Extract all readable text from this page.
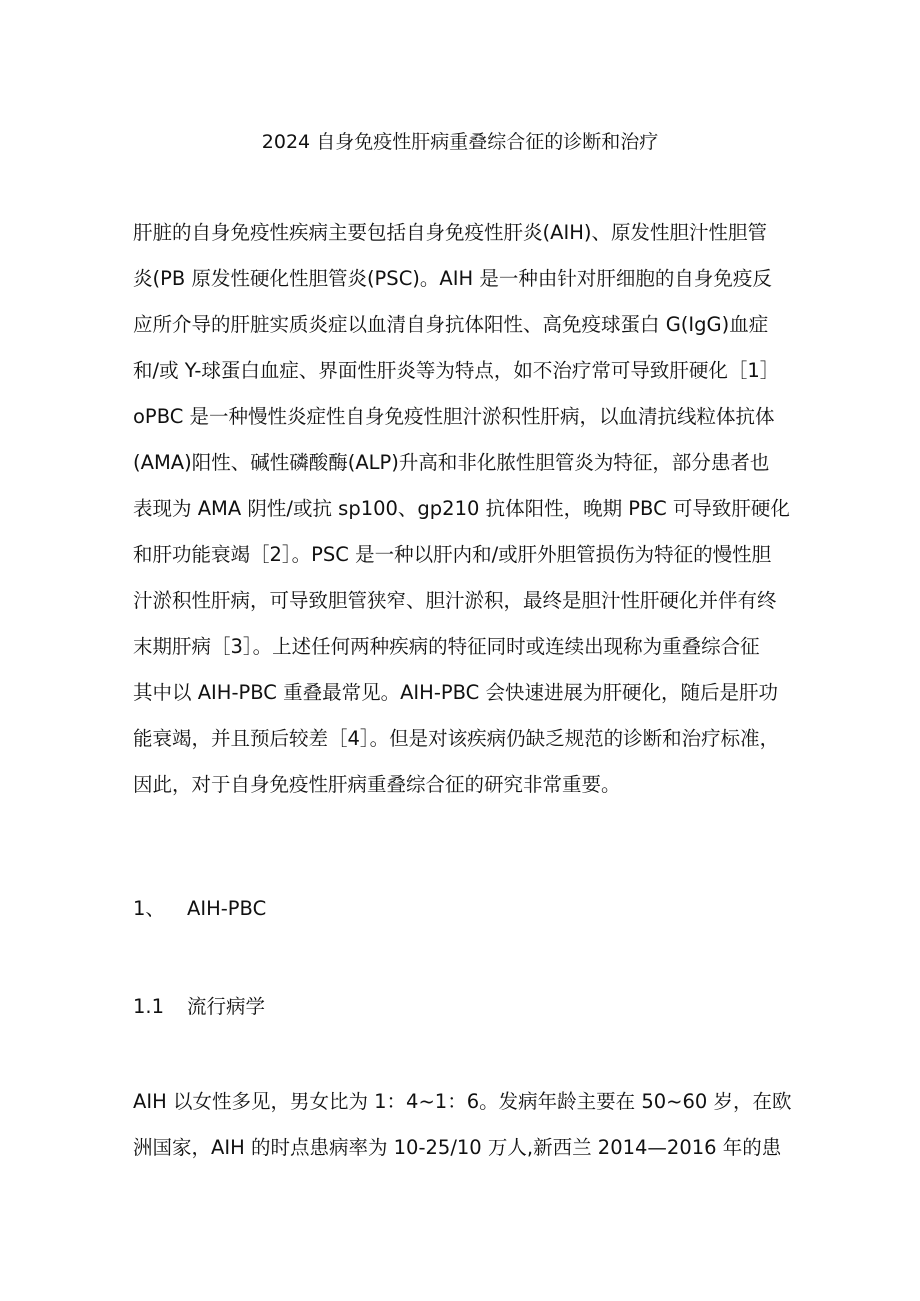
2024 自身免疫性肝病重叠综合征的诊断和治疗
肝脏的自身免疫性疾病主要包括自身免疫性肝炎(AIH)、原发性胆汁性胆管
炎(PB 原发性硬化性胆管炎(PSC)。AIH 是一种由针对肝细胞的自身免疫反
应所介导的肝脏实质炎症以血清自身抗体阳性、高免疫球蛋白 G(IgG)血症
和/或 Y-球蛋白血症、界面性肝炎等为特点，如不治疗常可导致肝硬化［1］
oPBC 是一种慢性炎症性自身免疫性胆汁淤积性肝病，以血清抗线粒体抗体
(AMA)阳性、碱性磷酸酶(ALP)升高和非化脓性胆管炎为特征，部分患者也
表现为 AMA 阴性/或抗 sp100、gp210 抗体阳性，晚期 PBC 可导致肝硬化
和肝功能衰竭［2］。PSC 是一种以肝内和/或肝外胆管损伤为特征的慢性胆
汁淤积性肝病，可导致胆管狭窄、胆汁淤积，最终是胆汁性肝硬化并伴有终
末期肝病［3］。上述任何两种疾病的特征同时或连续出现称为重叠综合征
其中以 AIH-PBC 重叠最常见。AIH-PBC 会快速进展为肝硬化，随后是肝功
能衰竭，并且预后较差［4］。但是对该疾病仍缺乏规范的诊断和治疗标准，
因此，对于自身免疫性肝病重叠综合征的研究非常重要。
1、 AIH-PBC
1.1 流行病学
AIH 以女性多见，男女比为 1：4~1：6。发病年龄主要在 50~60 岁，在欧
洲国家，AIH 的时点患病率为 10-25/10 万人,新西兰 2014—2016 年的患
